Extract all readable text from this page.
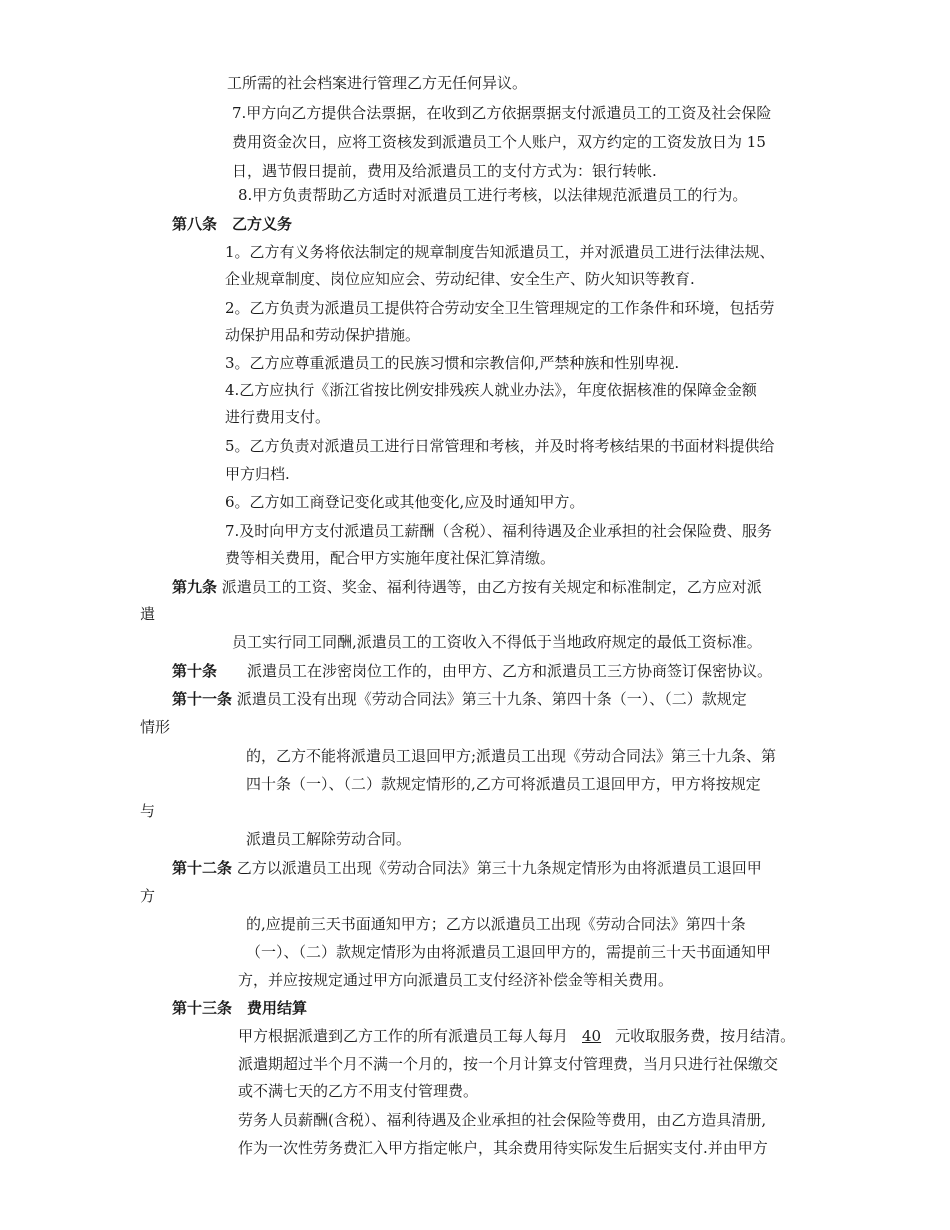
工所需的社会档案进行管理乙方无任何异议。
7.甲方向乙方提供合法票据，在收到乙方依据票据支付派遣员工的工资及社会保险
费用资金次日，应将工资核发到派遣员工个人账户，双方约定的工资发放日为 15
日，遇节假日提前，费用及给派遣员工的支付方式为：银行转帐.
8.甲方负责帮助乙方适时对派遣员工进行考核，以法律规范派遣员工的行为。
第八条　乙方义务
1。乙方有义务将依法制定的规章制度告知派遣员工，并对派遣员工进行法律法规、
企业规章制度、岗位应知应会、劳动纪律、安全生产、防火知识等教育.
2。乙方负责为派遣员工提供符合劳动安全卫生管理规定的工作条件和环境，包括劳
动保护用品和劳动保护措施。
3。乙方应尊重派遣员工的民族习惯和宗教信仰,严禁种族和性别卑视.
4.乙方应执行《浙江省按比例安排残疾人就业办法》，年度依据核准的保障金金额
进行费用支付。
5。乙方负责对派遣员工进行日常管理和考核，并及时将考核结果的书面材料提供给
甲方归档.
6。乙方如工商登记变化或其他变化,应及时通知甲方。
7.及时向甲方支付派遣员工薪酬（含税）、福利待遇及企业承担的社会保险费、服务
费等相关费用，配合甲方实施年度社保汇算清缴。
第九条 派遣员工的工资、奖金、福利待遇等，由乙方按有关规定和标准制定，乙方应对派
遣
员工实行同工同酬,派遣员工的工资收入不得低于当地政府规定的最低工资标准。
第十条　　派遣员工在涉密岗位工作的，由甲方、乙方和派遣员工三方协商签订保密协议。
第十一条 派遣员工没有出现《劳动合同法》第三十九条、第四十条（一）、（二）款规定
情形
的，乙方不能将派遣员工退回甲方;派遣员工出现《劳动合同法》第三十九条、第
四十条（一）、（二）款规定情形的,乙方可将派遣员工退回甲方，甲方将按规定
与
派遣员工解除劳动合同。
第十二条 乙方以派遣员工出现《劳动合同法》第三十九条规定情形为由将派遣员工退回甲
方
的,应提前三天书面通知甲方；乙方以派遣员工出现《劳动合同法》第四十条
（一）、（二）款规定情形为由将派遣员工退回甲方的，需提前三十天书面通知甲
方，并应按规定通过甲方向派遣员工支付经济补偿金等相关费用。
第十三条　费用结算
甲方根据派遣到乙方工作的所有派遣员工每人每月 40 元收取服务费，按月结清。
派遣期超过半个月不满一个月的，按一个月计算支付管理费，当月只进行社保缴交
或不满七天的乙方不用支付管理费。
劳务人员薪酬(含税）、福利待遇及企业承担的社会保险等费用，由乙方造具清册,
作为一次性劳务费汇入甲方指定帐户，其余费用待实际发生后据实支付.并由甲方
